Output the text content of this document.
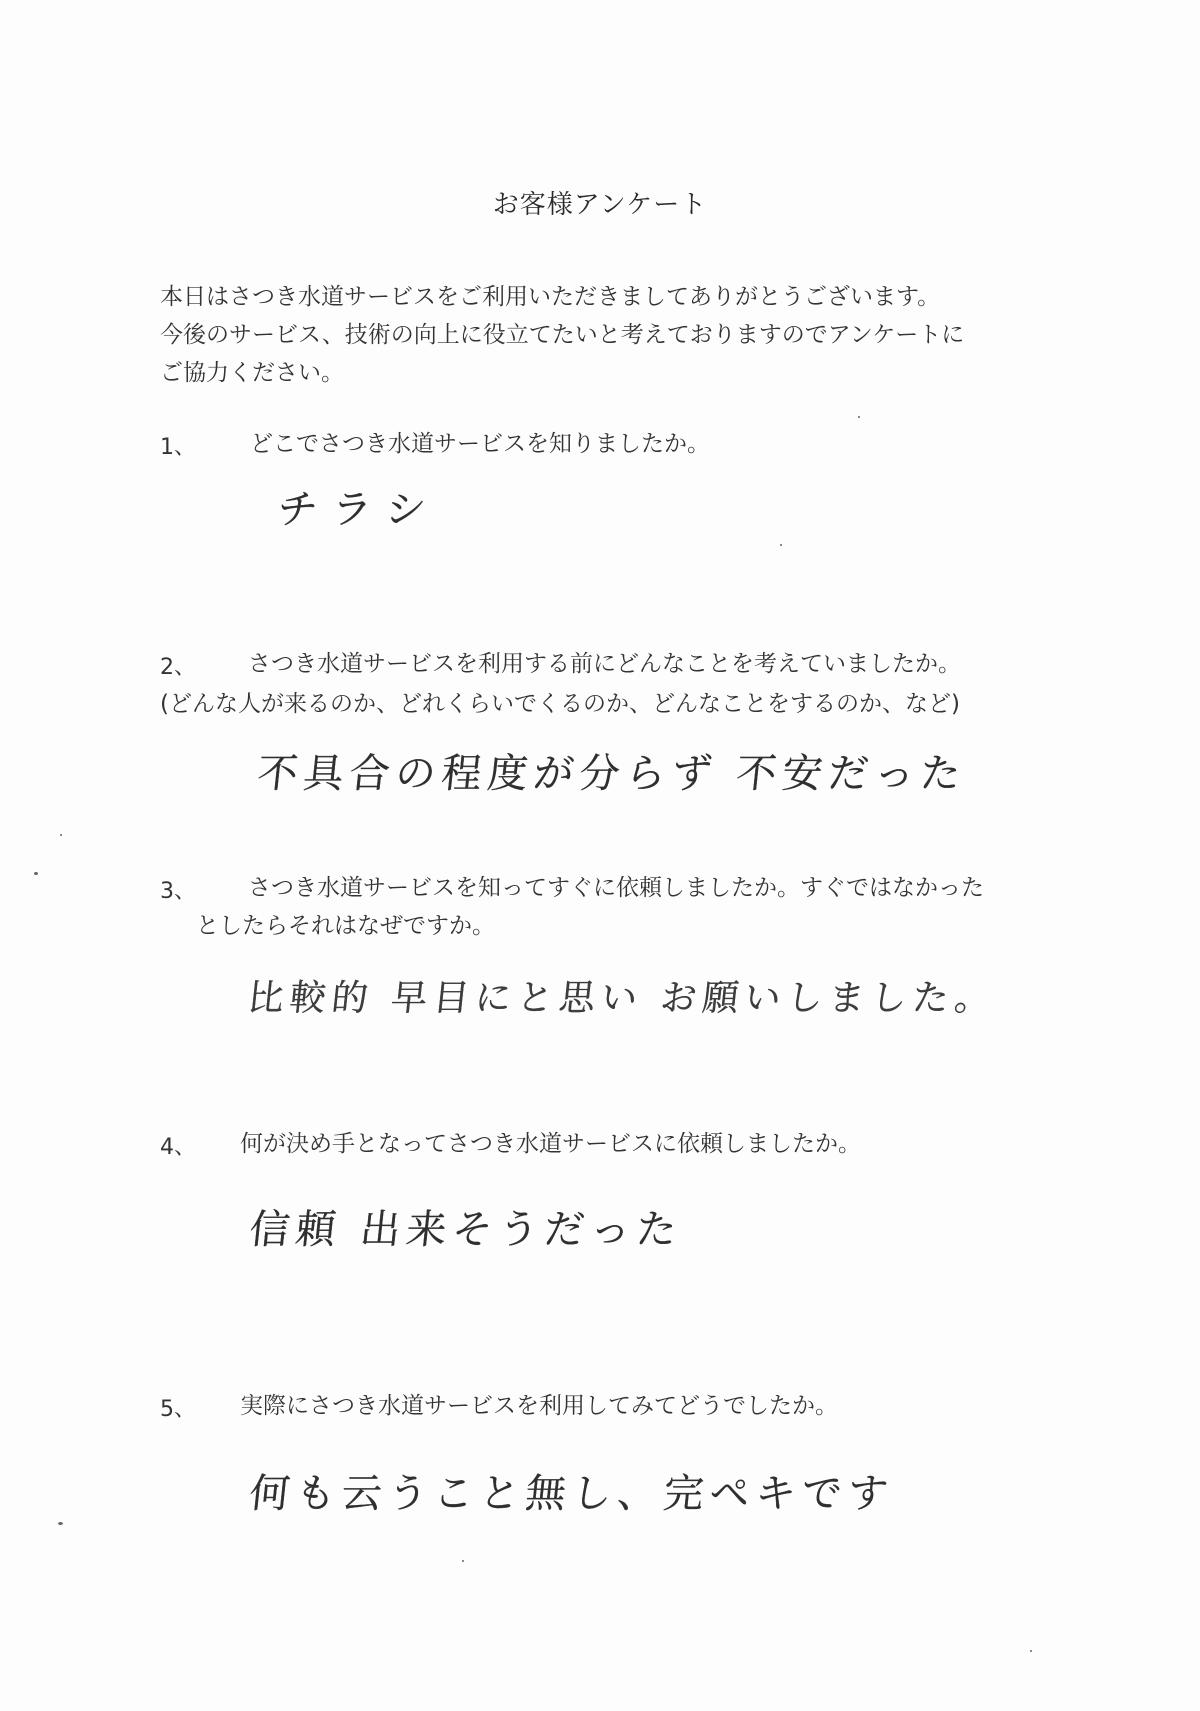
お客様アンケート
本日はさつき水道サービスをご利用いただきましてありがとうございます。
今後のサービス、技術の向上に役立てたいと考えておりますのでアンケートに
ご協力ください。
1、 どこでさつき水道サービスを知りましたか。
チラシ
2、 さつき水道サービスを利用する前にどんなことを考えていましたか。
(どんな人が来るのか、どれくらいでくるのか、どんなことをするのか、など)
不具合の程度が分らず 不安だった
3、 さつき水道サービスを知ってすぐに依頼しましたか。すぐではなかった
としたらそれはなぜですか。
比較的 早目にと思い お願いしました。
4、 何が決め手となってさつき水道サービスに依頼しましたか。
信頼 出来そうだった
5、 実際にさつき水道サービスを利用してみてどうでしたか。
何も云うこと無し、完ペキです
